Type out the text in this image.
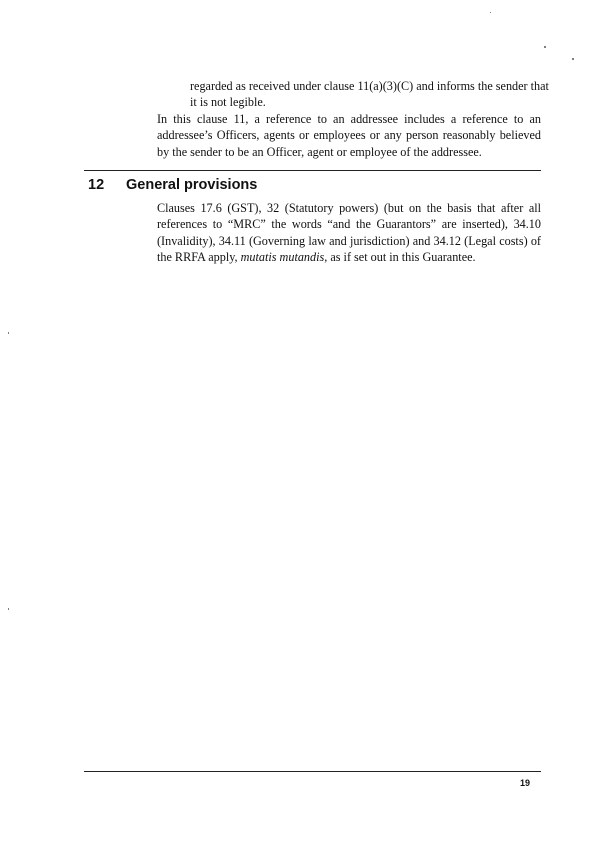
regarded as received under clause 11(a)(3)(C) and informs the sender that
it is not legible.

In this clause 11, a reference to an addressee includes a reference to an addressee’s Officers, agents or employees or any person reasonably believed by the sender to be an Officer, agent or employee of the addressee.

12 General provisions

Clauses 17.6 (GST), 32 (Statutory powers) (but on the basis that after all references to “MRC” the words “and the Guarantors” are inserted), 34.10 (Invalidity), 34.11 (Governing law and jurisdiction) and 34.12 (Legal costs) of the RRFA apply, mutatis mutandis, as if set out in this Guarantee.

19
